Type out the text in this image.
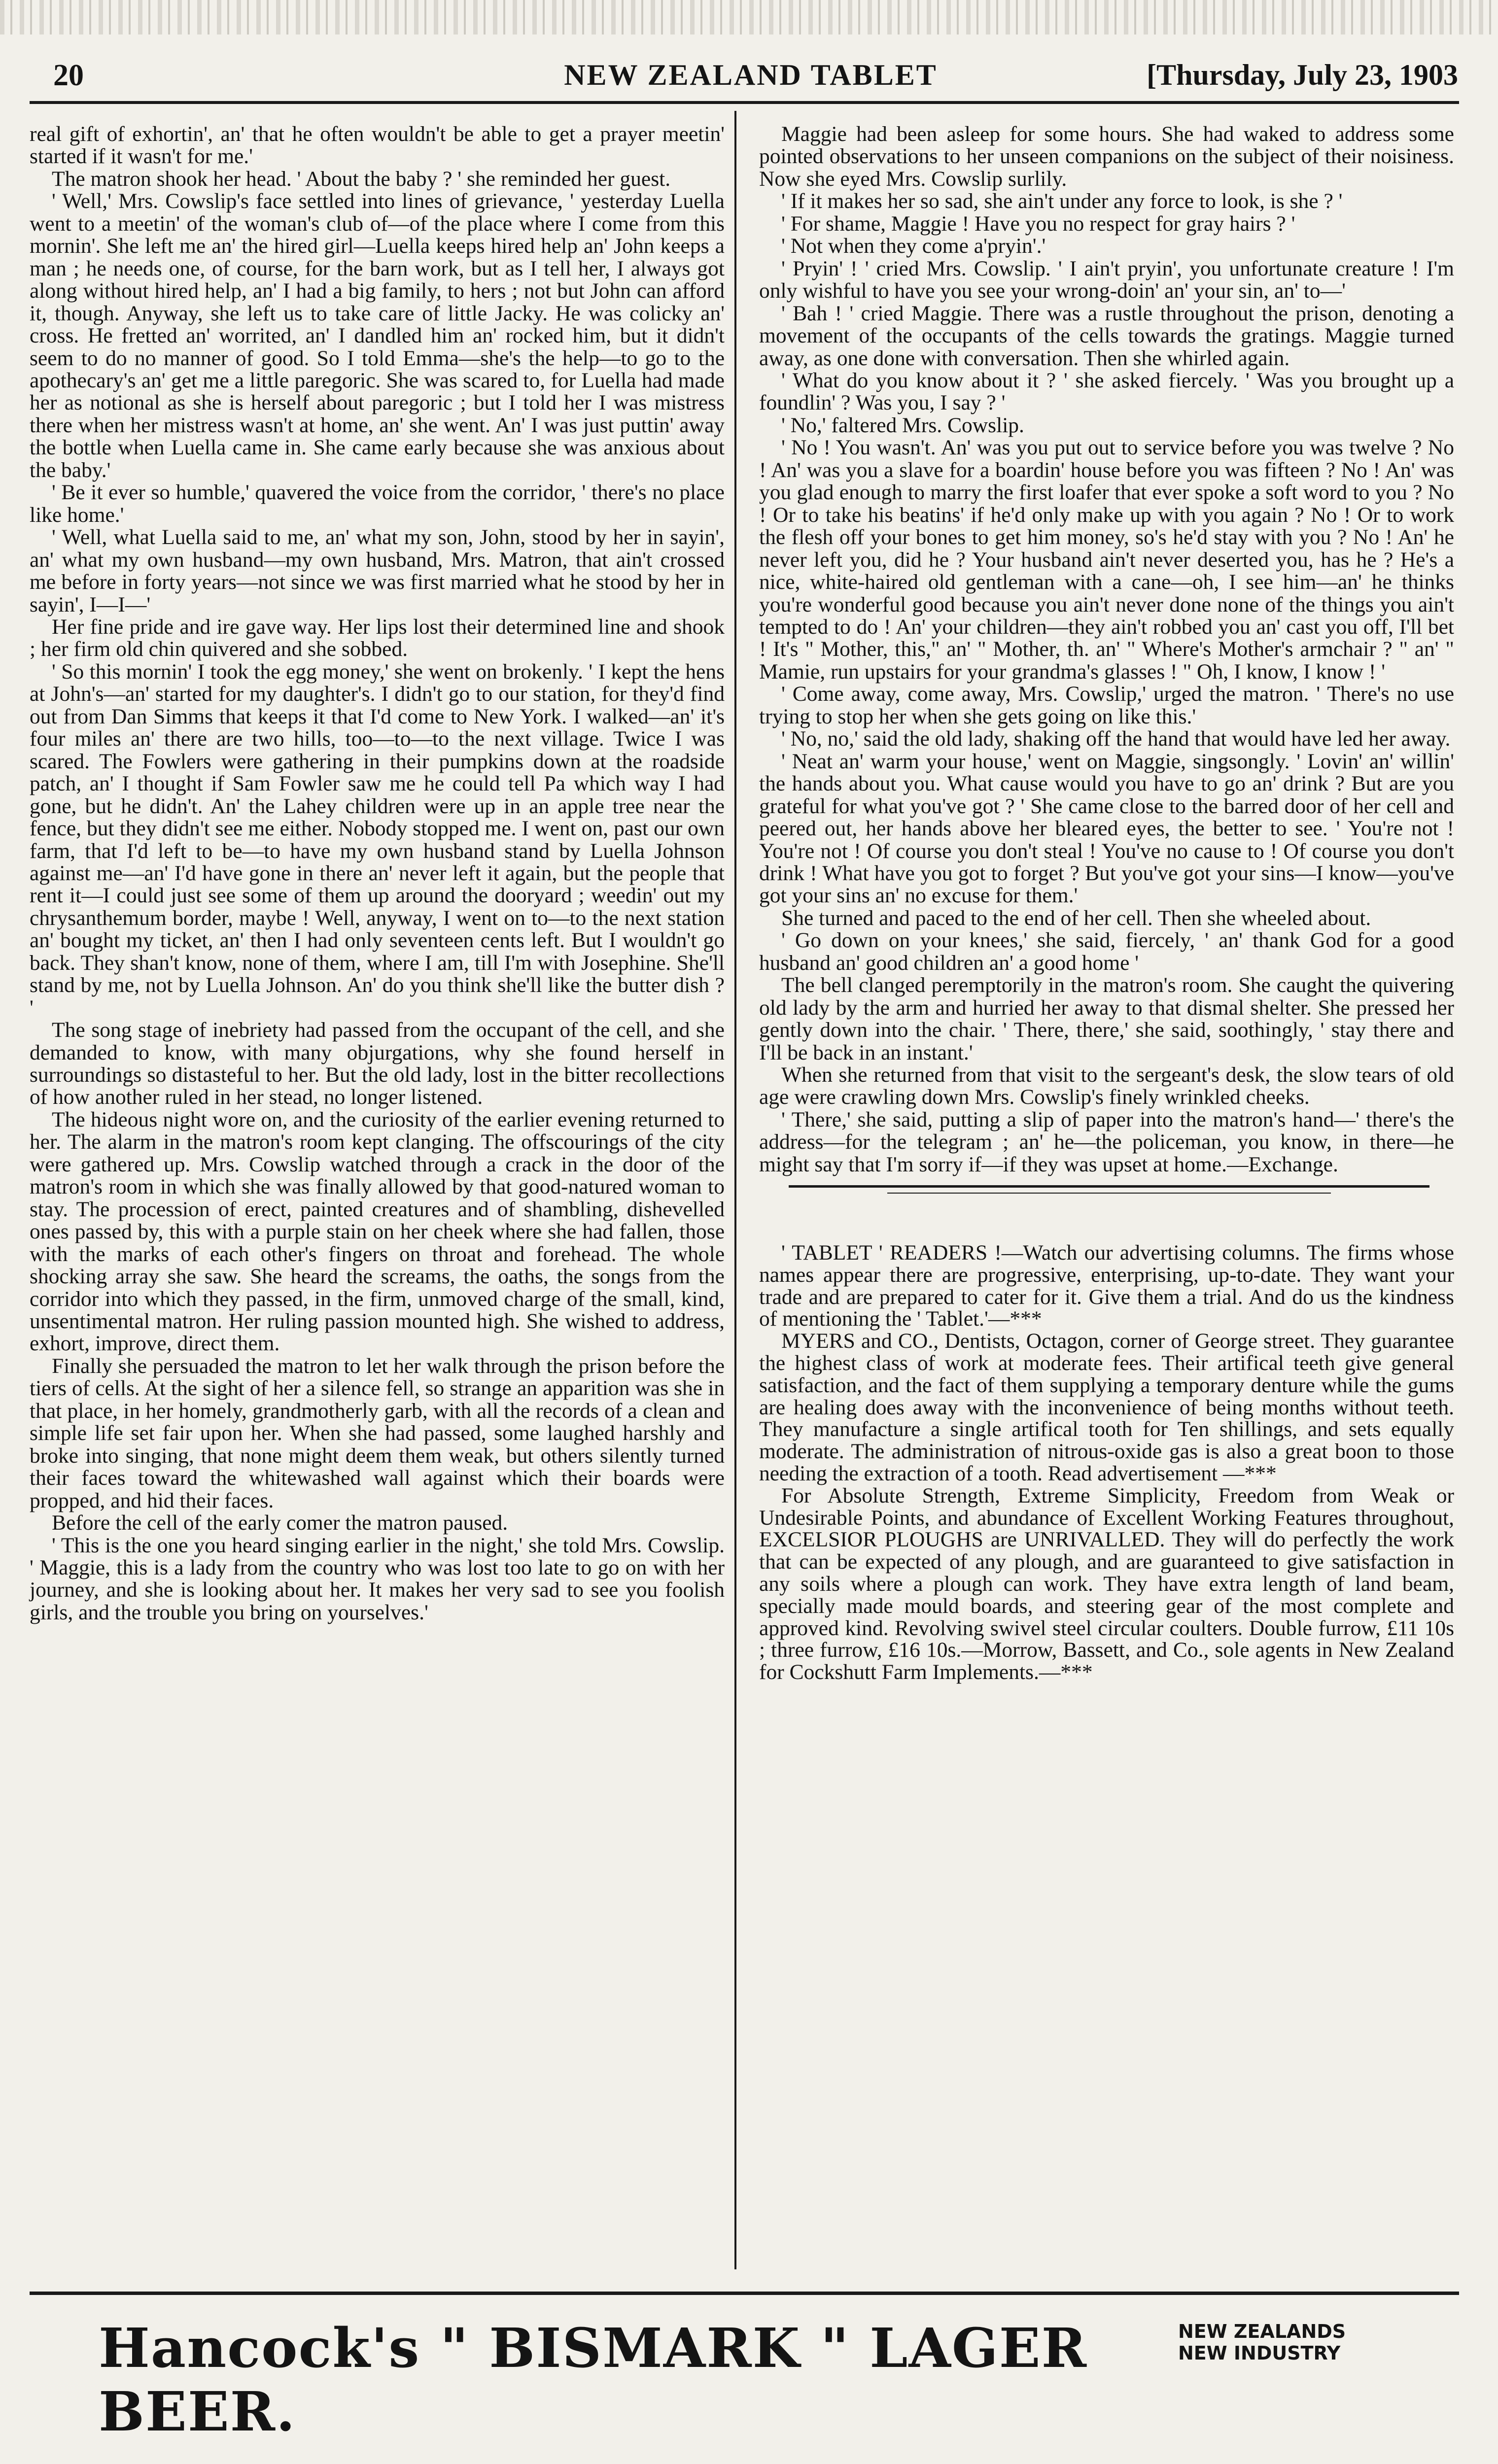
20	NEW ZEALAND TABLET	[Thursday, July 23, 1903

real gift of exhortin', an' that he often wouldn't be able to get a prayer meetin' started if it wasn't for me.'

The matron shook her head. ' About the baby ? ' she reminded her guest.

' Well,' Mrs. Cowslip's face settled into lines of grievance, ' yesterday Luella went to a meetin' of the woman's club of—of the place where I come from this mornin'. She left me an' the hired girl—Luella keeps hired help an' John keeps a man ; he needs one, of course, for the barn work, but as I tell her, I always got along without hired help, an' I had a big family, to hers ; not but John can afford it, though. Anyway, she left us to take care of little Jacky. He was colicky an' cross. He fretted an' worrited, an' I dandled him an' rocked him, but it didn't seem to do no manner of good. So I told Emma—she's the help—to go to the apothecary's an' get me a little paregoric. She was scared to, for Luella had made her as notional as she is herself about paregoric ; but I told her I was mistress there when her mistress wasn't at home, an' she went. An' I was just puttin' away the bottle when Luella came in. She came early because she was anxious about the baby.'

' Be it ever so humble,' quavered the voice from the corridor, ' there's no place like home.'

' Well, what Luella said to me, an' what my son, John, stood by her in sayin', an' what my own husband—my own husband, Mrs. Matron, that ain't crossed me before in forty years—not since we was first married what he stood by her in sayin', I—I—'

Her fine pride and ire gave way. Her lips lost their determined line and shook ; her firm old chin quivered and she sobbed.

' So this mornin' I took the egg money,' she went on brokenly. ' I kept the hens at John's—an' started for my daughter's. I didn't go to our station, for they'd find out from Dan Simms that keeps it that I'd come to New York. I walked—an' it's four miles an' there are two hills, too—to—to the next village. Twice I was scared. The Fowlers were gathering in their pumpkins down at the roadside patch, an' I thought if Sam Fowler saw me he could tell Pa which way I had gone, but he didn't. An' the Lahey children were up in an apple tree near the fence, but they didn't see me either. Nobody stopped me. I went on, past our own farm, that I'd left to be—to have my own husband stand by Luella Johnson against me—an' I'd have gone in there an' never left it again, but the people that rent it—I could just see some of them up around the dooryard ; weedin' out my chrysanthemum border, maybe ! Well, anyway, I went on to—to the next station an' bought my ticket, an' then I had only seventeen cents left. But I wouldn't go back. They shan't know, none of them, where I am, till I'm with Josephine. She'll stand by me, not by Luella Johnson. An' do you think she'll like the butter dish ? '

The song stage of inebriety had passed from the occupant of the cell, and she demanded to know, with many objurgations, why she found herself in surroundings so distasteful to her. But the old lady, lost in the bitter recollections of how another ruled in her stead, no longer listened.

The hideous night wore on, and the curiosity of the earlier evening returned to her. The alarm in the matron's room kept clanging. The offscourings of the city were gathered up. Mrs. Cowslip watched through a crack in the door of the matron's room in which she was finally allowed by that good-natured woman to stay. The procession of erect, painted creatures and of shambling, dishevelled ones passed by, this with a purple stain on her cheek where she had fallen, those with the marks of each other's fingers on throat and forehead. The whole shocking array she saw. She heard the screams, the oaths, the songs from the corridor into which they passed, in the firm, unmoved charge of the small, kind, unsentimental matron. Her ruling passion mounted high. She wished to address, exhort, improve, direct them.

Finally she persuaded the matron to let her walk through the prison before the tiers of cells. At the sight of her a silence fell, so strange an apparition was she in that place, in her homely, grandmotherly garb, with all the records of a clean and simple life set fair upon her. When she had passed, some laughed harshly and broke into singing, that none might deem them weak, but others silently turned their faces toward the whitewashed wall against which their boards were propped, and hid their faces.

Before the cell of the early comer the matron paused.

' This is the one you heard singing earlier in the night,' she told Mrs. Cowslip. ' Maggie, this is a lady from the country who was lost too late to go on with her journey, and she is looking about her. It makes her very sad to see you foolish girls, and the trouble you bring on yourselves.'

Maggie had been asleep for some hours. She had waked to address some pointed observations to her unseen companions on the subject of their noisiness. Now she eyed Mrs. Cowslip surlily.

' If it makes her so sad, she ain't under any force to look, is she ? '

' For shame, Maggie ! Have you no respect for gray hairs ? '

' Not when they come a'pryin'.'

' Pryin' ! ' cried Mrs. Cowslip. ' I ain't pryin', you unfortunate creature ! I'm only wishful to have you see your wrong-doin' an' your sin, an' to—'

' Bah ! ' cried Maggie. There was a rustle throughout the prison, denoting a movement of the occupants of the cells towards the gratings. Maggie turned away, as one done with conversation. Then she whirled again.

' What do you know about it ? ' she asked fiercely. ' Was you brought up a foundlin' ? Was you, I say ? '

' No,' faltered Mrs. Cowslip.

' No ! You wasn't. An' was you put out to service before you was twelve ? No ! An' was you a slave for a boardin' house before you was fifteen ? No ! An' was you glad enough to marry the first loafer that ever spoke a soft word to you ? No ! Or to take his beatins' if he'd only make up with you again ? No ! Or to work the flesh off your bones to get him money, so's he'd stay with you ? No ! An' he never left you, did he ? Your husband ain't never deserted you, has he ? He's a nice, white-haired old gentleman with a cane—oh, I see him—an' he thinks you're wonderful good because you ain't never done none of the things you ain't tempted to do ! An' your children—they ain't robbed you an' cast you off, I'll bet ! It's " Mother, this," an' " Mother, th. an' " Where's Mother's armchair ? " an' " Mamie, run upstairs for your grandma's glasses ! " Oh, I know, I know ! '

' Come away, come away, Mrs. Cowslip,' urged the matron. ' There's no use trying to stop her when she gets going on like this.'

' No, no,' said the old lady, shaking off the hand that would have led her away.

' Neat an' warm your house,' went on Maggie, singsongly. ' Lovin' an' willin' the hands about you. What cause would you have to go an' drink ? But are you grateful for what you've got ? ' She came close to the barred door of her cell and peered out, her hands above her bleared eyes, the better to see. ' You're not ! You're not ! Of course you don't steal ! You've no cause to ! Of course you don't drink ! What have you got to forget ? But you've got your sins—I know—you've got your sins an' no excuse for them.'

She turned and paced to the end of her cell. Then she wheeled about.

' Go down on your knees,' she said, fiercely, ' an' thank God for a good husband an' good children an' a good home '

The bell clanged peremptorily in the matron's room. She caught the quivering old lady by the arm and hurried her away to that dismal shelter. She pressed her gently down into the chair. ' There, there,' she said, soothingly, ' stay there and I'll be back in an instant.'

When she returned from that visit to the sergeant's desk, the slow tears of old age were crawling down Mrs. Cowslip's finely wrinkled cheeks.

' There,' she said, putting a slip of paper into the matron's hand—' there's the address—for the telegram ; an' he—the policeman, you know, in there—he might say that I'm sorry if—if they was upset at home.—Exchange.

' TABLET ' READERS !—Watch our advertising columns. The firms whose names appear there are progressive, enterprising, up-to-date. They want your trade and are prepared to cater for it. Give them a trial. And do us the kindness of mentioning the ' Tablet.'—***

MYERS and CO., Dentists, Octagon, corner of George street. They guarantee the highest class of work at moderate fees. Their artifical teeth give general satisfaction, and the fact of them supplying a temporary denture while the gums are healing does away with the inconvenience of being months without teeth. They manufacture a single artifical tooth for Ten shillings, and sets equally moderate. The administration of nitrous-oxide gas is also a great boon to those needing the extraction of a tooth. Read advertisement —***

For Absolute Strength, Extreme Simplicity, Freedom from Weak or Undesirable Points, and abundance of Excellent Working Features throughout, EXCELSIOR PLOUGHS are UNRIVALLED. They will do perfectly the work that can be expected of any plough, and are guaranteed to give satisfaction in any soils where a plough can work. They have extra length of land beam, specially made mould boards, and steering gear of the most complete and approved kind. Revolving swivel steel circular coulters. Double furrow, £11 10s ; three furrow, £16 10s.—Morrow, Bassett, and Co., sole agents in New Zealand for Cockshutt Farm Implements.—***

Hancock's " BISMARK " LAGER BEER.
NEW ZEALANDS
NEW INDUSTRY
